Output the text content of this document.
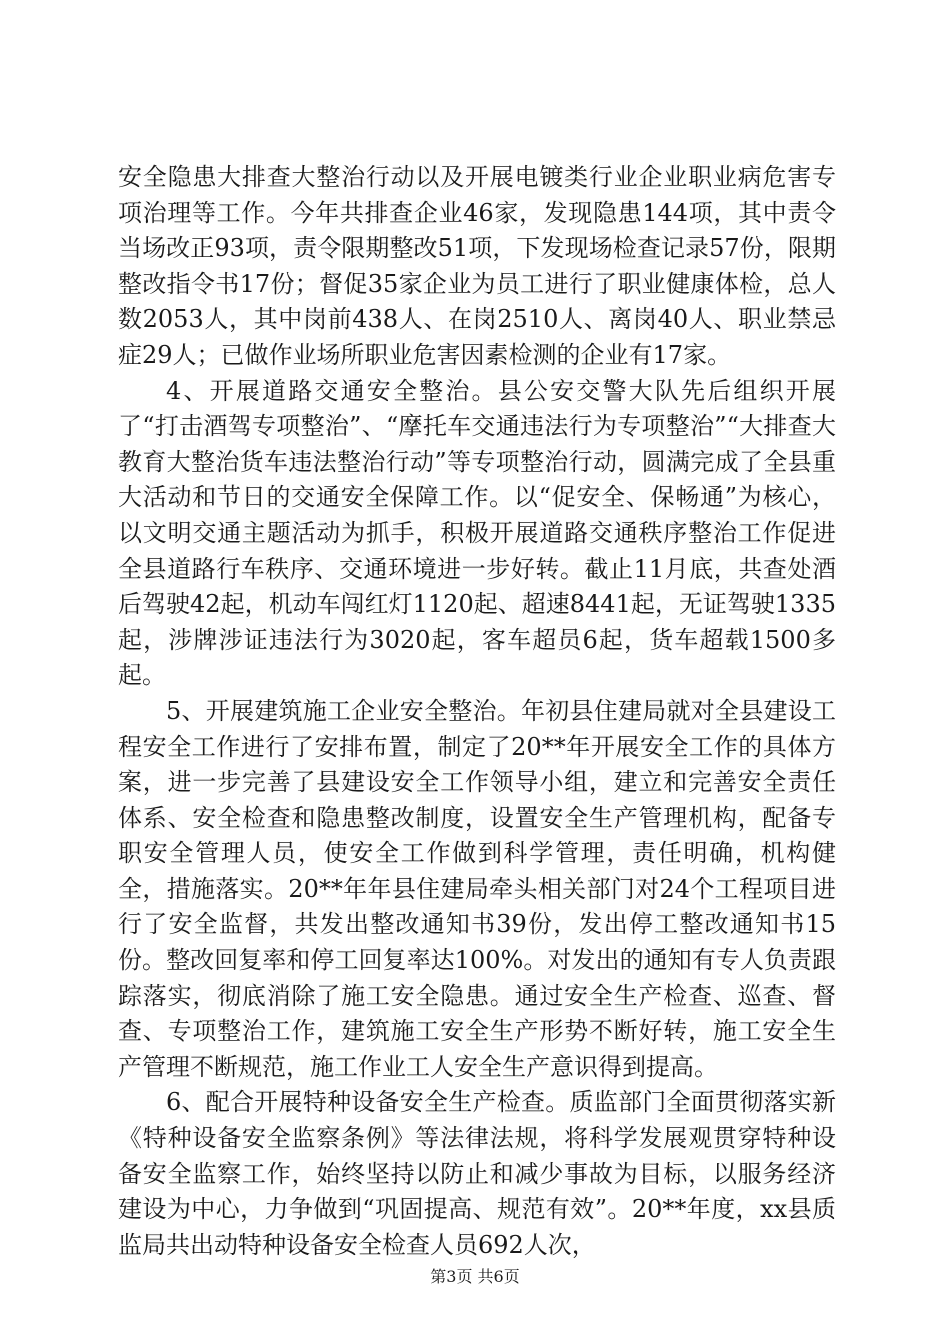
安全隐患大排查大整治行动以及开展电镀类行业企业职业病危害专项治理等工作。今年共排查企业46家，发现隐患144项，其中责令当场改正93项，责令限期整改51项，下发现场检查记录57份，限期整改指令书17份；督促35家企业为员工进行了职业健康体检，总人数2053人，其中岗前438人、在岗2510人、离岗40人、职业禁忌症29人；已做作业场所职业危害因素检测的企业有17家。

4、开展道路交通安全整治。县公安交警大队先后组织开展了“打击酒驾专项整治”、“摩托车交通违法行为专项整治”“大排查大教育大整治货车违法整治行动”等专项整治行动，圆满完成了全县重大活动和节日的交通安全保障工作。以“促安全、保畅通”为核心，以文明交通主题活动为抓手，积极开展道路交通秩序整治工作促进全县道路行车秩序、交通环境进一步好转。截止11月底，共查处酒后驾驶42起，机动车闯红灯1120起、超速8441起，无证驾驶1335起，涉牌涉证违法行为3020起，客车超员6起，货车超载1500多起。

5、开展建筑施工企业安全整治。年初县住建局就对全县建设工程安全工作进行了安排布置，制定了20**年开展安全工作的具体方案，进一步完善了县建设安全工作领导小组，建立和完善安全责任体系、安全检查和隐患整改制度，设置安全生产管理机构，配备专职安全管理人员，使安全工作做到科学管理，责任明确，机构健全，措施落实。20**年年县住建局牵头相关部门对24个工程项目进行了安全监督，共发出整改通知书39份，发出停工整改通知书15份。整改回复率和停工回复率达100%。对发出的通知有专人负责跟踪落实，彻底消除了施工安全隐患。通过安全生产检查、巡查、督查、专项整治工作，建筑施工安全生产形势不断好转，施工安全生产管理不断规范，施工作业工人安全生产意识得到提高。

6、配合开展特种设备安全生产检查。质监部门全面贯彻落实新《特种设备安全监察条例》等法律法规，将科学发展观贯穿特种设备安全监察工作，始终坚持以防止和减少事故为目标，以服务经济建设为中心，力争做到“巩固提高、规范有效”。20**年度，xx县质监局共出动特种设备安全检查人员692人次，

第3页 共6页
